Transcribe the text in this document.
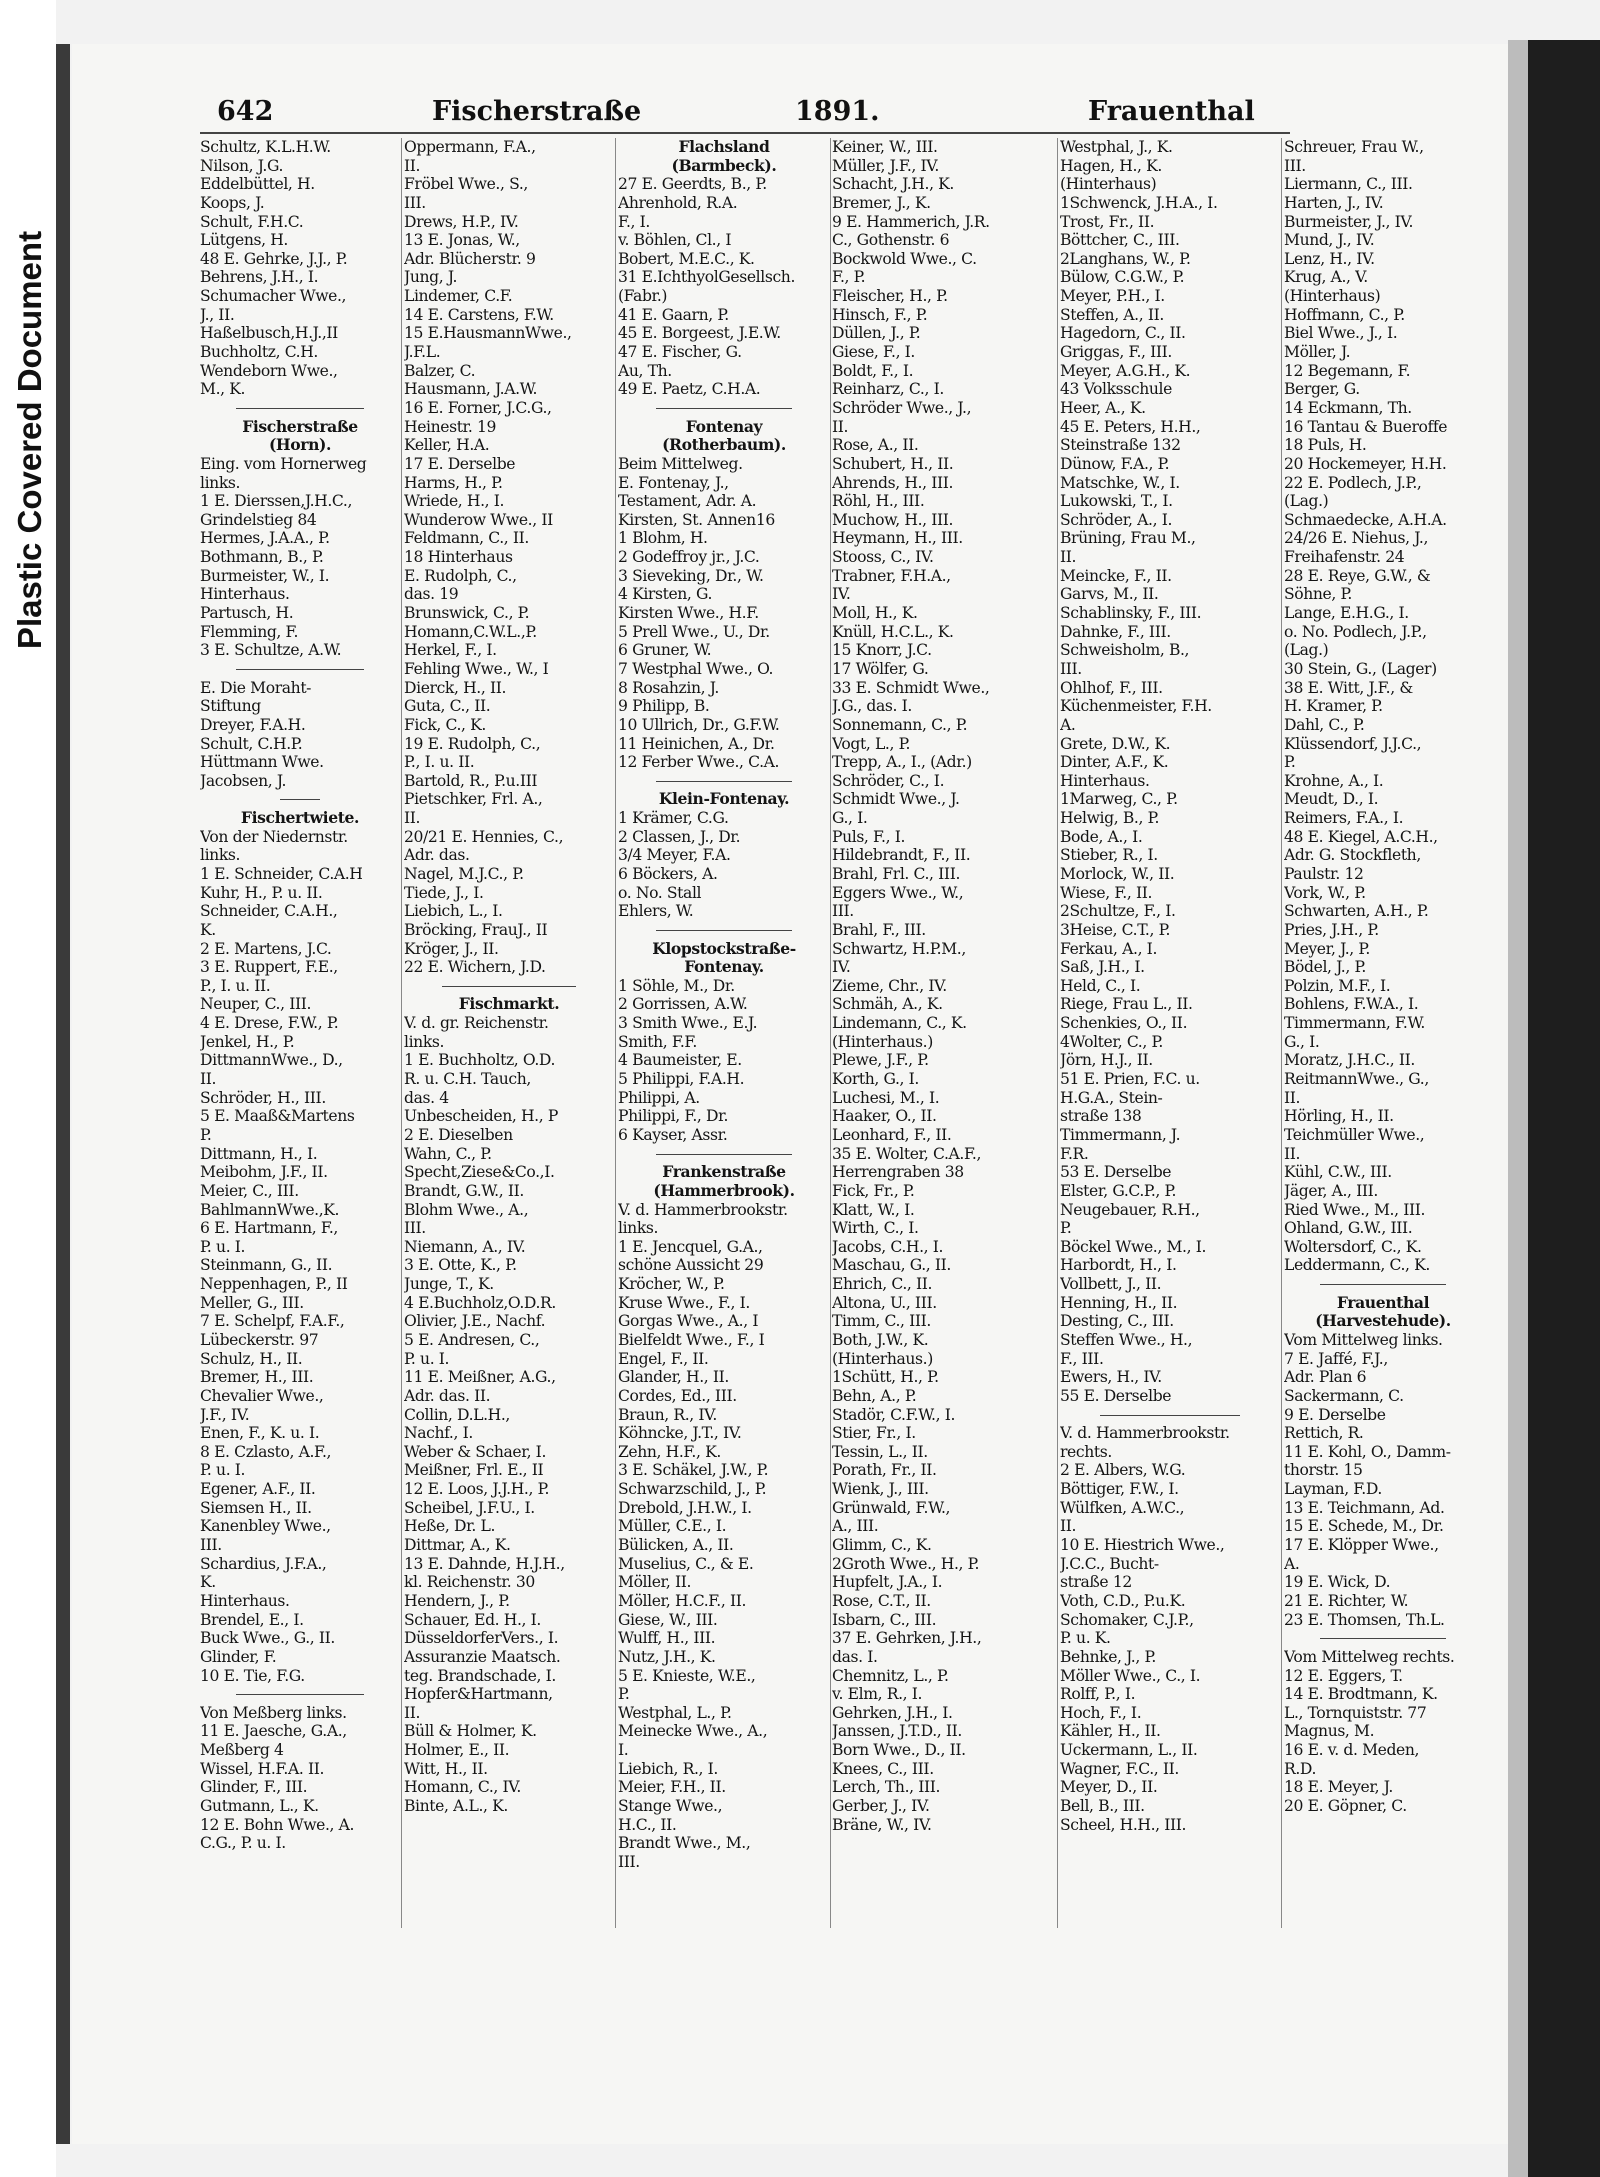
Plastic Covered Document
642	Fischerstraße	1891.	Frauenthal
Schultz, K.L.H.W.
Nilson, J.G.
Eddelbüttel, H.
Koops, J.
Schult, F.H.C.
Lütgens, H.
48 E. Gehrke, J.J., P.
Behrens, J.H., I.
Schumacher Wwe.,
J., II.
Haßelbusch,H.J.,II
Buchholtz, C.H.
Wendeborn Wwe.,
M., K.
Fischerstraße
(Horn).
Eing. vom Hornerweg
links.
1 E. Dierssen,J.H.C.,
Grindelstieg 84
Hermes, J.A.A., P.
Bothmann, B., P.
Burmeister, W., I.
Hinterhaus.
Partusch, H.
Flemming, F.
3 E. Schultze, A.W.
E. Die Moraht-
Stiftung
Dreyer, F.A.H.
Schult, C.H.P.
Hüttmann Wwe.
Jacobsen, J.
Fischertwiete.
Von der Niedernstr.
links.
1 E. Schneider, C.A.H
Kuhr, H., P. u. II.
Schneider, C.A.H.,
K.
2 E. Martens, J.C.
3 E. Ruppert, F.E.,
P., I. u. II.
Neuper, C., III.
4 E. Drese, F.W., P.
Jenkel, H., P.
DittmannWwe., D.,
II.
Schröder, H., III.
5 E. Maaß&Martens
P.
Dittmann, H., I.
Meibohm, J.F., II.
Meier, C., III.
BahlmannWwe.,K.
6 E. Hartmann, F.,
P. u. I.
Steinmann, G., II.
Neppenhagen, P., II
Meller, G., III.
7 E. Schelpf, F.A.F.,
Lübeckerstr. 97
Schulz, H., II.
Bremer, H., III.
Chevalier Wwe.,
J.F., IV.
Enen, F., K. u. I.
8 E. Czlasto, A.F.,
P. u. I.
Egener, A.F., II.
Siemsen H., II.
Kanenbley Wwe.,
III.
Schardius, J.F.A.,
K.
Hinterhaus.
Brendel, E., I.
Buck Wwe., G., II.
Glinder, F.
10 E. Tie, F.G.
Von Meßberg links.
11 E. Jaesche, G.A.,
Meßberg 4
Wissel, H.F.A. II.
Glinder, F., III.
Gutmann, L., K.
12 E. Bohn Wwe., A.
C.G., P. u. I.
Oppermann, F.A.,
II.
Fröbel Wwe., S.,
III.
Drews, H.P., IV.
13 E. Jonas, W.,
Adr. Blücherstr. 9
Jung, J.
Lindemer, C.F.
14 E. Carstens, F.W.
15 E.HausmannWwe.,
J.F.L.
Balzer, C.
Hausmann, J.A.W.
16 E. Forner, J.C.G.,
Heinestr. 19
Keller, H.A.
17 E. Derselbe
Harms, H., P.
Wriede, H., I.
Wunderow Wwe., II
Feldmann, C., II.
18 Hinterhaus
E. Rudolph, C.,
das. 19
Brunswick, C., P.
Homann,C.W.L.,P.
Herkel, F., I.
Fehling Wwe., W., I
Dierck, H., II.
Guta, C., II.
Fick, C., K.
19 E. Rudolph, C.,
P., I. u. II.
Bartold, R., P.u.III
Pietschker, Frl. A.,
II.
20/21 E. Hennies, C.,
Adr. das.
Nagel, M.J.C., P.
Tiede, J., I.
Liebich, L., I.
Bröcking, FrauJ., II
Kröger, J., II.
22 E. Wichern, J.D.
Fischmarkt.
V. d. gr. Reichenstr.
links.
1 E. Buchholtz, O.D.
R. u. C.H. Tauch,
das. 4
Unbescheiden, H., P
2 E. Dieselben
Wahn, C., P.
Specht,Ziese&Co.,I.
Brandt, G.W., II.
Blohm Wwe., A.,
III.
Niemann, A., IV.
3 E. Otte, K., P.
Junge, T., K.
4 E.Buchholz,O.D.R.
Olivier, J.E., Nachf.
5 E. Andresen, C.,
P. u. I.
11 E. Meißner, A.G.,
Adr. das. II.
Collin, D.L.H.,
Nachf., I.
Weber & Schaer, I.
Meißner, Frl. E., II
12 E. Loos, J.J.H., P.
Scheibel, J.F.U., I.
Heße, Dr. L.
Dittmar, A., K.
13 E. Dahnde, H.J.H.,
kl. Reichenstr. 30
Hendern, J., P.
Schauer, Ed. H., I.
DüsseldorferVers., I.
Assuranzie Maatsch.
teg. Brandschade, I.
Hopfer&Hartmann,
II.
Büll & Holmer, K.
Holmer, E., II.
Witt, H., II.
Homann, C., IV.
Binte, A.L., K.
Flachsland
(Barmbeck).
27 E. Geerdts, B., P.
Ahrenhold, R.A.
F., I.
v. Böhlen, Cl., I
Bobert, M.E.C., K.
31 E.IchthyolGesellsch.
(Fabr.)
41 E. Gaarn, P.
45 E. Borgeest, J.E.W.
47 E. Fischer, G.
Au, Th.
49 E. Paetz, C.H.A.
Fontenay
(Rotherbaum).
Beim Mittelweg.
E. Fontenay, J.,
Testament, Adr. A.
Kirsten, St. Annen16
1 Blohm, H.
2 Godeffroy jr., J.C.
3 Sieveking, Dr., W.
4 Kirsten, G.
Kirsten Wwe., H.F.
5 Prell Wwe., U., Dr.
6 Gruner, W.
7 Westphal Wwe., O.
8 Rosahzin, J.
9 Philipp, B.
10 Ullrich, Dr., G.F.W.
11 Heinichen, A., Dr.
12 Ferber Wwe., C.A.
Klein-Fontenay.
1 Krämer, C.G.
2 Classen, J., Dr.
3/4 Meyer, F.A.
6 Böckers, A.
o. No. Stall
Ehlers, W.
Klopstockstraße-
Fontenay.
1 Söhle, M., Dr.
2 Gorrissen, A.W.
3 Smith Wwe., E.J.
Smith, F.F.
4 Baumeister, E.
5 Philippi, F.A.H.
Philippi, A.
Philippi, F., Dr.
6 Kayser, Assr.
Frankenstraße
(Hammerbrook).
V. d. Hammerbrookstr.
links.
1 E. Jencquel, G.A.,
schöne Aussicht 29
Kröcher, W., P.
Kruse Wwe., F., I.
Gorgas Wwe., A., I
Bielfeldt Wwe., F., I
Engel, F., II.
Glander, H., II.
Cordes, Ed., III.
Braun, R., IV.
Köhncke, J.T., IV.
Zehn, H.F., K.
3 E. Schäkel, J.W., P.
Schwarzschild, J., P.
Drebold, J.H.W., I.
Müller, C.E., I.
Bülicken, A., II.
Muselius, C., & E.
Möller, II.
Möller, H.C.F., II.
Giese, W., III.
Wulff, H., III.
Nutz, J.H., K.
5 E. Knieste, W.E.,
P.
Westphal, L., P.
Meinecke Wwe., A.,
I.
Liebich, R., I.
Meier, F.H., II.
Stange Wwe.,
H.C., II.
Brandt Wwe., M.,
III.
Keiner, W., III.
Müller, J.F., IV.
Schacht, J.H., K.
Bremer, J., K.
9 E. Hammerich, J.R.
C., Gothenstr. 6
Bockwold Wwe., C.
F., P.
Fleischer, H., P.
Hinsch, F., P.
Düllen, J., P.
Giese, F., I.
Boldt, F., I.
Reinharz, C., I.
Schröder Wwe., J.,
II.
Rose, A., II.
Schubert, H., II.
Ahrends, H., III.
Röhl, H., III.
Muchow, H., III.
Heymann, H., III.
Stooss, C., IV.
Trabner, F.H.A.,
IV.
Moll, H., K.
Knüll, H.C.L., K.
15 Knorr, J.C.
17 Wölfer, G.
33 E. Schmidt Wwe.,
J.G., das. I.
Sonnemann, C., P.
Vogt, L., P.
Trepp, A., I., (Adr.)
Schröder, C., I.
Schmidt Wwe., J.
G., I.
Puls, F., I.
Hildebrandt, F., II.
Brahl, Frl. C., III.
Eggers Wwe., W.,
III.
Brahl, F., III.
Schwartz, H.P.M.,
IV.
Zieme, Chr., IV.
Schmäh, A., K.
Lindemann, C., K.
(Hinterhaus.)
Plewe, J.F., P.
Korth, G., I.
Luchesi, M., I.
Haaker, O., II.
Leonhard, F., II.
35 E. Wolter, C.A.F.,
Herrengraben 38
Fick, Fr., P.
Klatt, W., I.
Wirth, C., I.
Jacobs, C.H., I.
Maschau, G., II.
Ehrich, C., II.
Altona, U., III.
Timm, C., III.
Both, J.W., K.
(Hinterhaus.)
1Schütt, H., P.
Behn, A., P.
Stadör, C.F.W., I.
Stier, Fr., I.
Tessin, L., II.
Porath, Fr., II.
Wienk, J., III.
Grünwald, F.W.,
A., III.
Glimm, C., K.
2Groth Wwe., H., P.
Hupfelt, J.A., I.
Rose, C.T., II.
Isbarn, C., III.
37 E. Gehrken, J.H.,
das. I.
Chemnitz, L., P.
v. Elm, R., I.
Gehrken, J.H., I.
Janssen, J.T.D., II.
Born Wwe., D., II.
Knees, C., III.
Lerch, Th., III.
Gerber, J., IV.
Bräne, W., IV.
Westphal, J., K.
Hagen, H., K.
(Hinterhaus)
1Schwenck, J.H.A., I.
Trost, Fr., II.
Böttcher, C., III.
2Langhans, W., P.
Bülow, C.G.W., P.
Meyer, P.H., I.
Steffen, A., II.
Hagedorn, C., II.
Griggas, F., III.
Meyer, A.G.H., K.
43 Volksschule
Heer, A., K.
45 E. Peters, H.H.,
Steinstraße 132
Dünow, F.A., P.
Matschke, W., I.
Lukowski, T., I.
Schröder, A., I.
Brüning, Frau M.,
II.
Meincke, F., II.
Garvs, M., II.
Schablinsky, F., III.
Dahnke, F., III.
Schweisholm, B.,
III.
Ohlhof, F., III.
Küchenmeister, F.H.
A.
Grete, D.W., K.
Dinter, A.F., K.
Hinterhaus.
1Marweg, C., P.
Helwig, B., P.
Bode, A., I.
Stieber, R., I.
Morlock, W., II.
Wiese, F., II.
2Schultze, F., I.
3Heise, C.T., P.
Ferkau, A., I.
Saß, J.H., I.
Held, C., I.
Riege, Frau L., II.
Schenkies, O., II.
4Wolter, C., P.
Jörn, H.J., II.
51 E. Prien, F.C. u.
H.G.A., Stein-
straße 138
Timmermann, J.
F.R.
53 E. Derselbe
Elster, G.C.P., P.
Neugebauer, R.H.,
P.
Böckel Wwe., M., I.
Harbordt, H., I.
Vollbett, J., II.
Henning, H., II.
Desting, C., III.
Steffen Wwe., H.,
F., III.
Ewers, H., IV.
55 E. Derselbe
V. d. Hammerbrookstr.
rechts.
2 E. Albers, W.G.
Böttiger, F.W., I.
Wülfken, A.W.C.,
II.
10 E. Hiestrich Wwe.,
J.C.C., Bucht-
straße 12
Voth, C.D., P.u.K.
Schomaker, C.J.P.,
P. u. K.
Behnke, J., P.
Möller Wwe., C., I.
Rolff, P., I.
Hoch, F., I.
Kähler, H., II.
Uckermann, L., II.
Wagner, F.C., II.
Meyer, D., II.
Bell, B., III.
Scheel, H.H., III.
Schreuer, Frau W.,
III.
Liermann, C., III.
Harten, J., IV.
Burmeister, J., IV.
Mund, J., IV.
Lenz, H., IV.
Krug, A., V.
(Hinterhaus)
Hoffmann, C., P.
Biel Wwe., J., I.
Möller, J.
12 Begemann, F.
Berger, G.
14 Eckmann, Th.
16 Tantau & Bueroffe
18 Puls, H.
20 Hockemeyer, H.H.
22 E. Podlech, J.P.,
(Lag.)
Schmaedecke, A.H.A.
24/26 E. Niehus, J.,
Freihafenstr. 24
28 E. Reye, G.W., &
Söhne, P.
Lange, E.H.G., I.
o. No. Podlech, J.P.,
(Lag.)
30 Stein, G., (Lager)
38 E. Witt, J.F., &
H. Kramer, P.
Dahl, C., P.
Klüssendorf, J.J.C.,
P.
Krohne, A., I.
Meudt, D., I.
Reimers, F.A., I.
48 E. Kiegel, A.C.H.,
Adr. G. Stockfleth,
Paulstr. 12
Vork, W., P.
Schwarten, A.H., P.
Pries, J.H., P.
Meyer, J., P.
Bödel, J., P.
Polzin, M.F., I.
Bohlens, F.W.A., I.
Timmermann, F.W.
G., I.
Moratz, J.H.C., II.
ReitmannWwe., G.,
II.
Hörling, H., II.
Teichmüller Wwe.,
II.
Kühl, C.W., III.
Jäger, A., III.
Ried Wwe., M., III.
Ohland, G.W., III.
Woltersdorf, C., K.
Leddermann, C., K.
Frauenthal
(Harvestehude).
Vom Mittelweg links.
7 E. Jaffé, F.J.,
Adr. Plan 6
Sackermann, C.
9 E. Derselbe
Rettich, R.
11 E. Kohl, O., Damm-
thorstr. 15
Layman, F.D.
13 E. Teichmann, Ad.
15 E. Schede, M., Dr.
17 E. Klöpper Wwe.,
A.
19 E. Wick, D.
21 E. Richter, W.
23 E. Thomsen, Th.L.
Vom Mittelweg rechts.
12 E. Eggers, T.
14 E. Brodtmann, K.
L., Tornquiststr. 77
Magnus, M.
16 E. v. d. Meden,
R.D.
18 E. Meyer, J.
20 E. Göpner, C.
